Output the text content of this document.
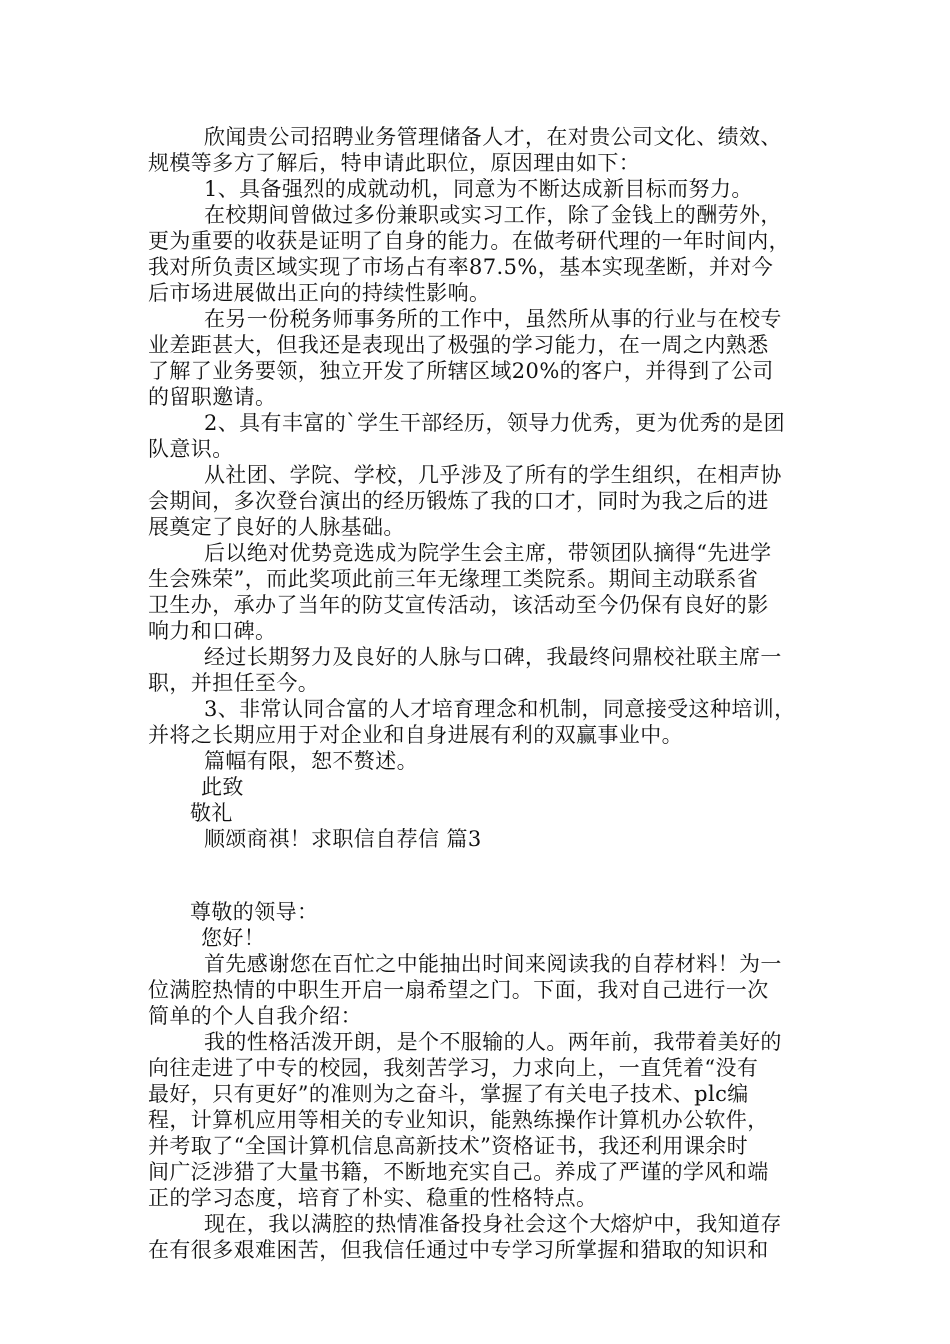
欣闻贵公司招聘业务管理储备人才，在对贵公司文化、绩效、
规模等多方了解后，特申请此职位，原因理由如下：
1、具备强烈的成就动机，同意为不断达成新目标而努力。
在校期间曾做过多份兼职或实习工作，除了金钱上的酬劳外，
更为重要的收获是证明了自身的能力。在做考研代理的一年时间内，
我对所负责区域实现了市场占有率87.5%，基本实现垄断，并对今
后市场进展做出正向的持续性影响。
在另一份税务师事务所的工作中，虽然所从事的行业与在校专
业差距甚大，但我还是表现出了极强的学习能力，在一周之内熟悉
了解了业务要领，独立开发了所辖区域20%的客户，并得到了公司
的留职邀请。
2、具有丰富的`学生干部经历，领导力优秀，更为优秀的是团
队意识。
从社团、学院、学校，几乎涉及了所有的学生组织，在相声协
会期间，多次登台演出的经历锻炼了我的口才，同时为我之后的进
展奠定了良好的人脉基础。
后以绝对优势竞选成为院学生会主席，带领团队摘得“先进学
生会殊荣”，而此奖项此前三年无缘理工类院系。期间主动联系省
卫生办，承办了当年的防艾宣传活动，该活动至今仍保有良好的影
响力和口碑。
经过长期努力及良好的人脉与口碑，我最终问鼎校社联主席一
职，并担任至今。
3、非常认同合富的人才培育理念和机制，同意接受这种培训，
并将之长期应用于对企业和自身进展有利的双赢事业中。
篇幅有限，恕不赘述。
此致
敬礼
顺颂商祺！求职信自荐信 篇3
尊敬的领导：
您好！
首先感谢您在百忙之中能抽出时间来阅读我的自荐材料！为一
位满腔热情的中职生开启一扇希望之门。下面，我对自己进行一次
简单的个人自我介绍：
我的性格活泼开朗，是个不服输的人。两年前，我带着美好的
向往走进了中专的校园，我刻苦学习，力求向上，一直凭着“没有
最好，只有更好”的准则为之奋斗，掌握了有关电子技术、plc编
程，计算机应用等相关的专业知识，能熟练操作计算机办公软件，
并考取了“全国计算机信息高新技术”资格证书，我还利用课余时
间广泛涉猎了大量书籍，不断地充实自己。养成了严谨的学风和端
正的学习态度，培育了朴实、稳重的性格特点。
现在，我以满腔的热情准备投身社会这个大熔炉中，我知道存
在有很多艰难困苦，但我信任通过中专学习所掌握和猎取的知识和
